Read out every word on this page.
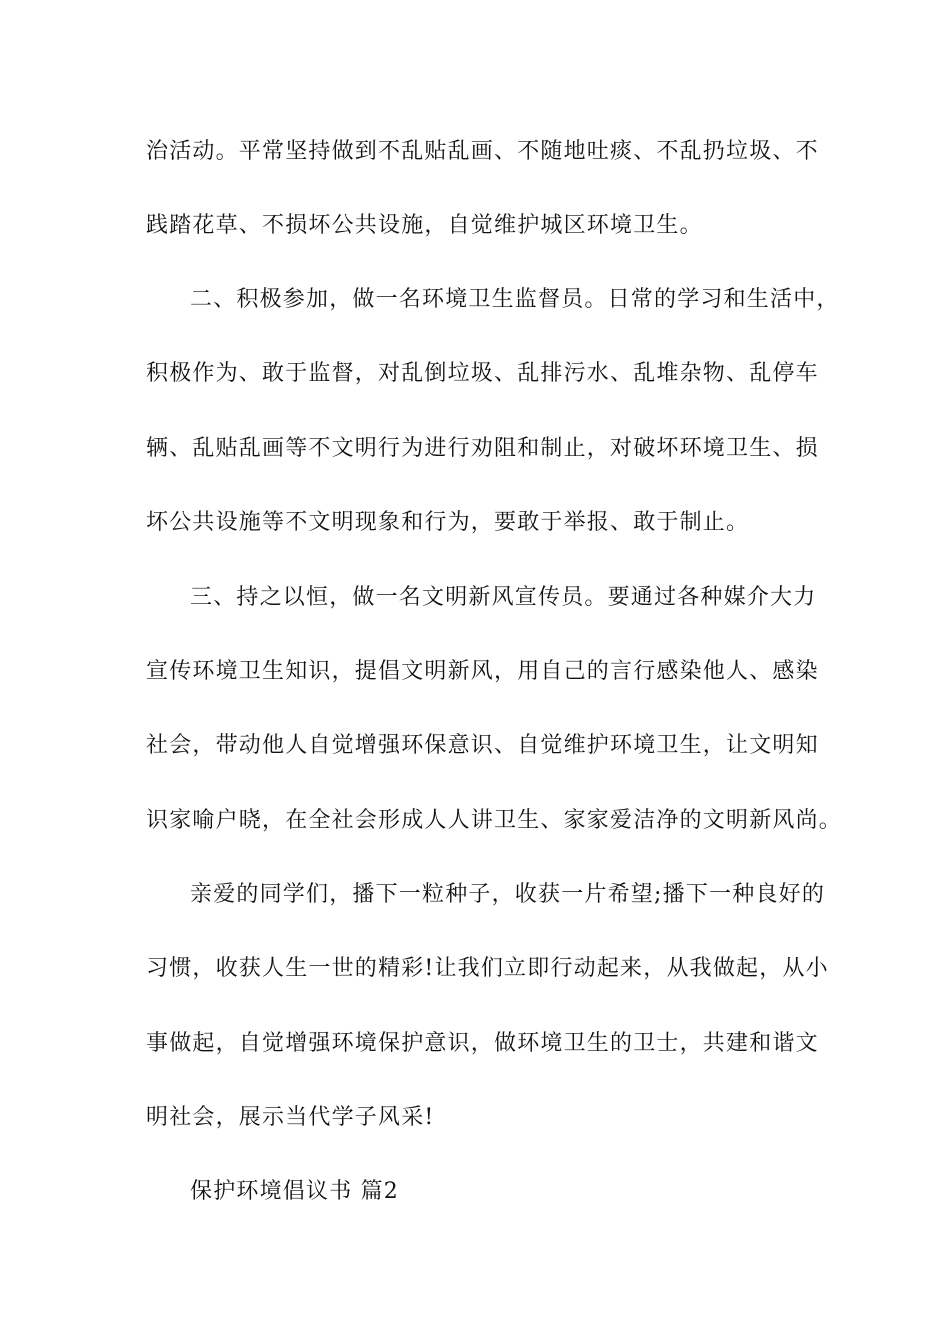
治活动。平常坚持做到不乱贴乱画、不随地吐痰、不乱扔垃圾、不
践踏花草、不损坏公共设施，自觉维护城区环境卫生。
二、积极参加，做一名环境卫生监督员。日常的学习和生活中，
积极作为、敢于监督，对乱倒垃圾、乱排污水、乱堆杂物、乱停车
辆、乱贴乱画等不文明行为进行劝阻和制止，对破坏环境卫生、损
坏公共设施等不文明现象和行为，要敢于举报、敢于制止。
三、持之以恒，做一名文明新风宣传员。要通过各种媒介大力
宣传环境卫生知识，提倡文明新风，用自己的言行感染他人、感染
社会，带动他人自觉增强环保意识、自觉维护环境卫生，让文明知
识家喻户晓，在全社会形成人人讲卫生、家家爱洁净的文明新风尚。
亲爱的同学们，播下一粒种子，收获一片希望;播下一种良好的
习惯，收获人生一世的精彩!让我们立即行动起来，从我做起，从小
事做起，自觉增强环境保护意识，做环境卫生的卫士，共建和谐文
明社会，展示当代学子风采!
保护环境倡议书 篇2
